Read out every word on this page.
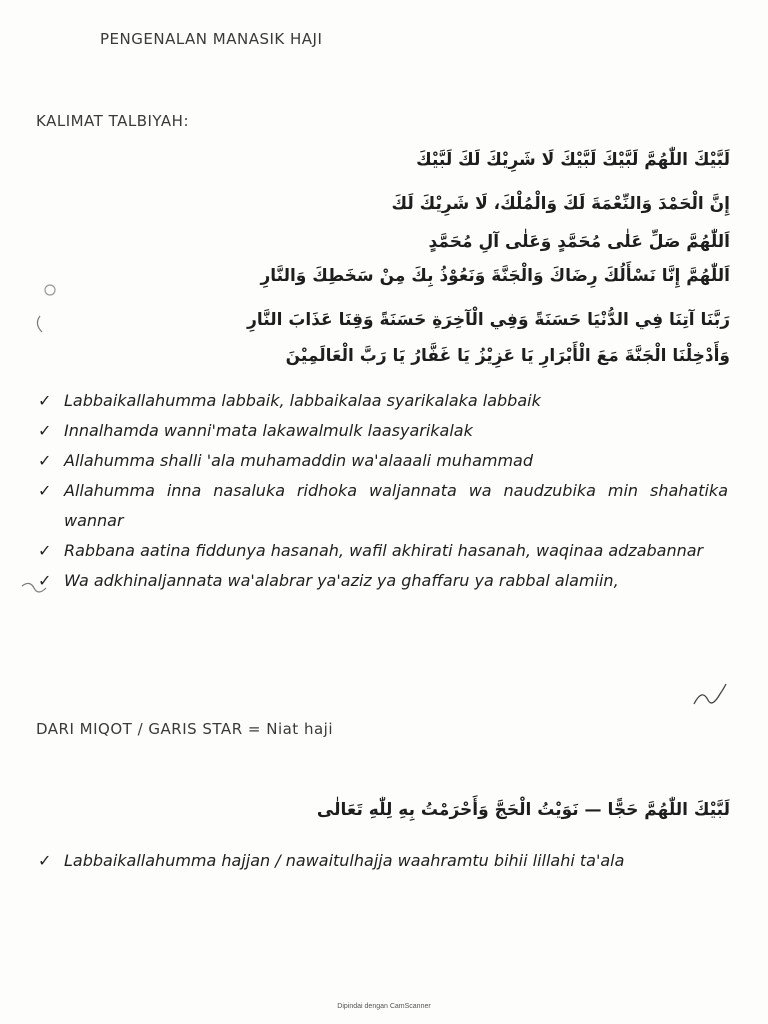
PENGENALAN MANASIK HAJI
KALIMAT TALBIYAH:
لَبَّيْكَ اللّٰهُمَّ لَبَّيْكَ لَبَّيْكَ لَا شَرِيْكَ لَكَ لَبَّيْكَ
إِنَّ الْحَمْدَ وَالنِّعْمَةَ لَكَ وَالْمُلْكَ، لَا شَرِيْكَ لَكَ
اَللّٰهُمَّ صَلِّ عَلٰى مُحَمَّدٍ وَعَلٰى آلِ مُحَمَّدٍ
اَللّٰهُمَّ إِنَّا نَسْأَلُكَ رِضَاكَ وَالْجَنَّةَ وَنَعُوْذُ بِكَ مِنْ سَخَطِكَ وَالنَّارِ
رَبَّنَا آتِنَا فِي الدُّنْيَا حَسَنَةً وَفِي الْآخِرَةِ حَسَنَةً وَقِنَا عَذَابَ النَّارِ
وَأَدْخِلْنَا الْجَنَّةَ مَعَ الْأَبْرَارِ يَا عَزِيْزُ يَا غَفَّارُ يَا رَبَّ الْعَالَمِيْنَ
✓ Labbaikallahumma labbaik, labbaikalaa syarikalaka labbaik
✓ Innalhamda wanni'mata lakawalmulk laasyarikalak
✓ Allahumma shalli 'ala muhamaddin wa'alaaali muhammad
✓ Allahumma inna nasaluka ridhoka waljannata wa naudzubika min shahatika wannar
✓ Rabbana aatina fiddunya hasanah, wafil akhirati hasanah, waqinaa adzabannar
✓ Wa adkhinaljannata wa'alabrar ya'aziz ya ghaffaru ya rabbal alamiin,
DARI MIQOT / GARIS STAR = Niat haji
لَبَّيْكَ اللّٰهُمَّ حَجًّا — نَوَيْتُ الْحَجَّ وَأَحْرَمْتُ بِهِ لِلّٰهِ تَعَالٰى
✓ Labbaikallahumma hajjan / nawaitulhajja waahramtu bihii lillahi ta'ala
Dipindai dengan CamScanner
